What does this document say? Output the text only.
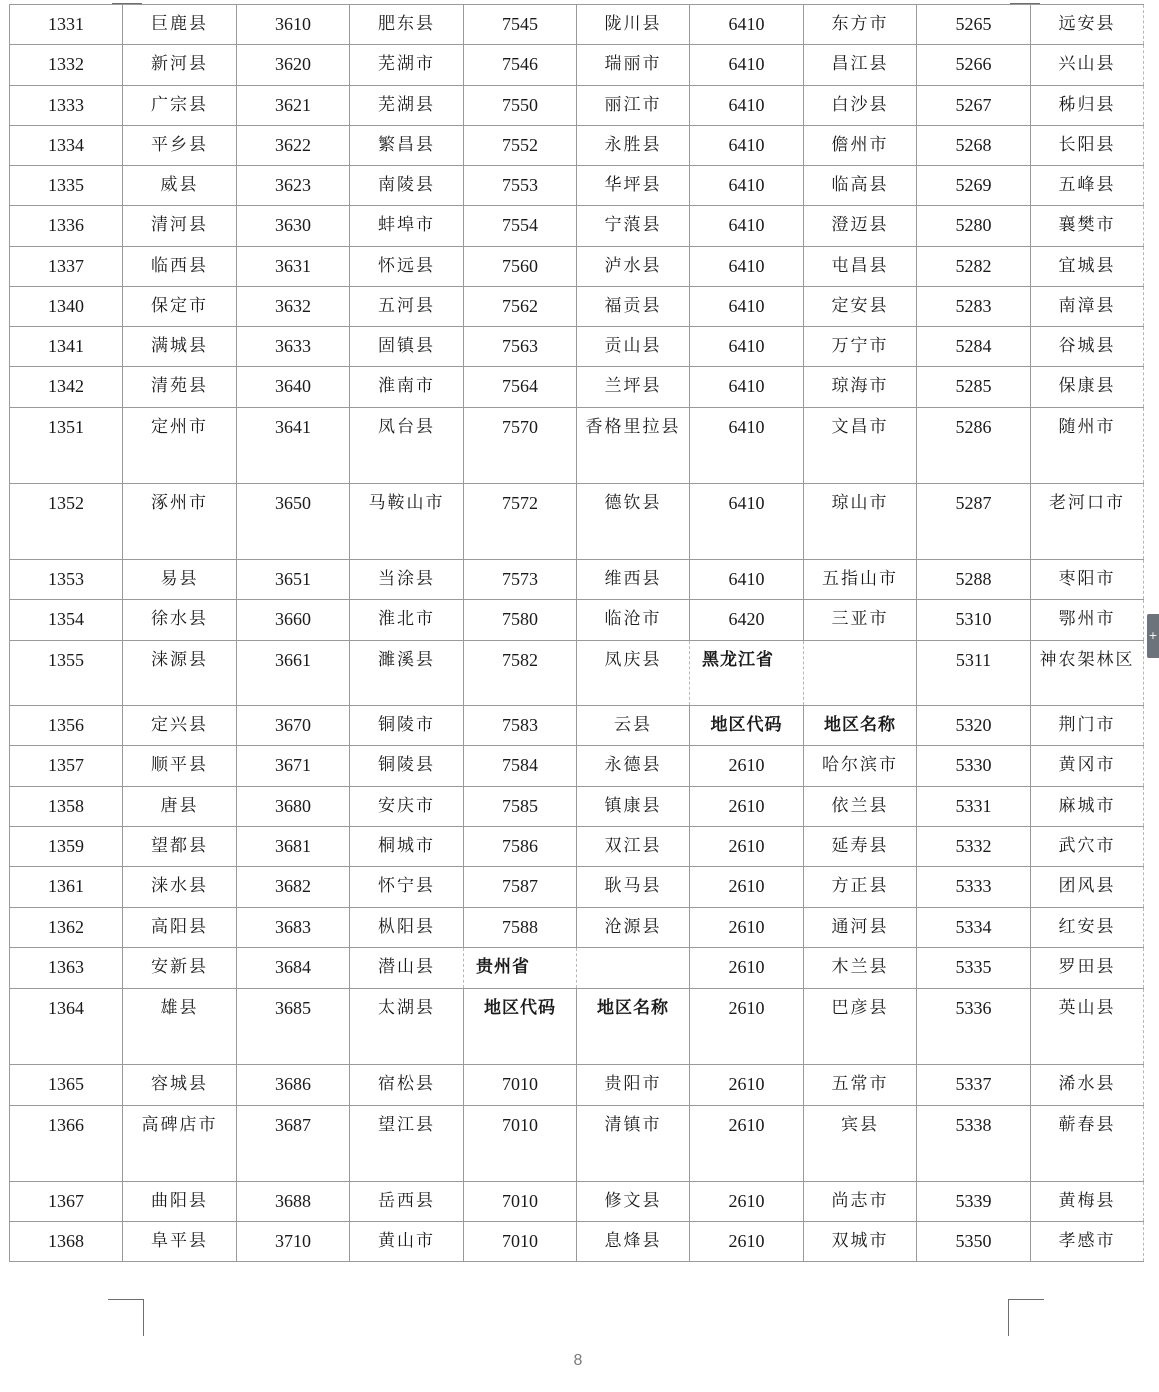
1331	巨鹿县	3610	肥东县	7545	陇川县	6410	东方市	5265	远安县
1332	新河县	3620	芜湖市	7546	瑞丽市	6410	昌江县	5266	兴山县
1333	广宗县	3621	芜湖县	7550	丽江市	6410	白沙县	5267	秭归县
1334	平乡县	3622	繁昌县	7552	永胜县	6410	儋州市	5268	长阳县
1335	威县	3623	南陵县	7553	华坪县	6410	临高县	5269	五峰县
1336	清河县	3630	蚌埠市	7554	宁蒗县	6410	澄迈县	5280	襄樊市
1337	临西县	3631	怀远县	7560	泸水县	6410	屯昌县	5282	宜城县
1340	保定市	3632	五河县	7562	福贡县	6410	定安县	5283	南漳县
1341	满城县	3633	固镇县	7563	贡山县	6410	万宁市	5284	谷城县
1342	清苑县	3640	淮南市	7564	兰坪县	6410	琼海市	5285	保康县
1351	定州市	3641	凤台县	7570	香格里拉县	6410	文昌市	5286	随州市
1352	涿州市	3650	马鞍山市	7572	德钦县	6410	琼山市	5287	老河口市
1353	易县	3651	当涂县	7573	维西县	6410	五指山市	5288	枣阳市
1354	徐水县	3660	淮北市	7580	临沧市	6420	三亚市	5310	鄂州市
1355	涞源县	3661	濉溪县	7582	凤庆县	黑龙江省		5311	神农架林区
1356	定兴县	3670	铜陵市	7583	云县	地区代码	地区名称	5320	荆门市
1357	顺平县	3671	铜陵县	7584	永德县	2610	哈尔滨市	5330	黄冈市
1358	唐县	3680	安庆市	7585	镇康县	2610	依兰县	5331	麻城市
1359	望都县	3681	桐城市	7586	双江县	2610	延寿县	5332	武穴市
1361	涞水县	3682	怀宁县	7587	耿马县	2610	方正县	5333	团风县
1362	高阳县	3683	枞阳县	7588	沧源县	2610	通河县	5334	红安县
1363	安新县	3684	潜山县	贵州省		2610	木兰县	5335	罗田县
1364	雄县	3685	太湖县	地区代码	地区名称	2610	巴彦县	5336	英山县
1365	容城县	3686	宿松县	7010	贵阳市	2610	五常市	5337	浠水县
1366	高碑店市	3687	望江县	7010	清镇市	2610	宾县	5338	蕲春县
1367	曲阳县	3688	岳西县	7010	修文县	2610	尚志市	5339	黄梅县
1368	阜平县	3710	黄山市	7010	息烽县	2610	双城市	5350	孝感市
8
+
